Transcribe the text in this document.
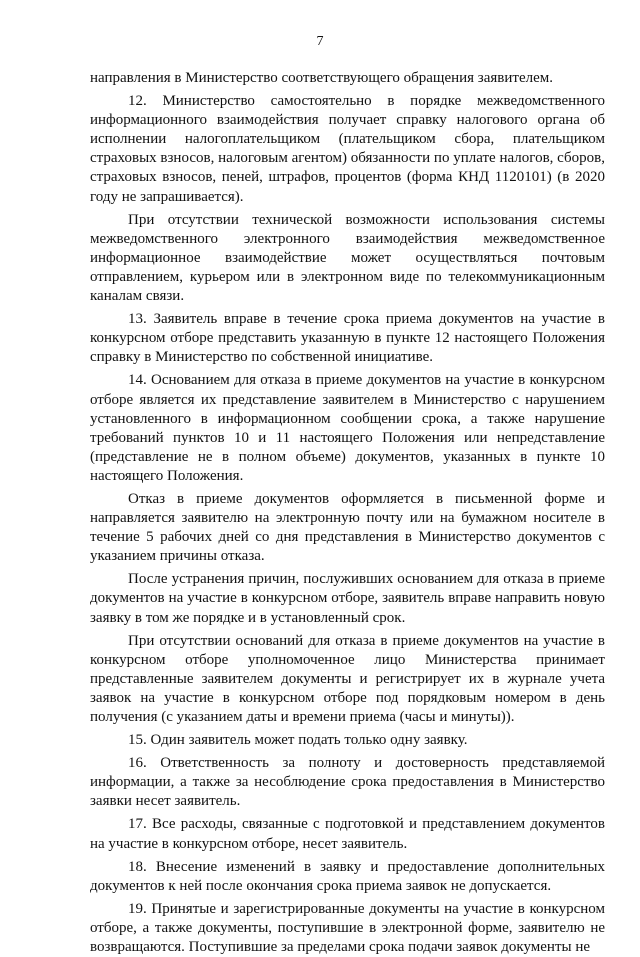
7

направления в Министерство соответствующего обращения заявителем.

12. Министерство самостоятельно в порядке межведомственного информационного взаимодействия получает справку налогового органа об исполнении налогоплательщиком (плательщиком сбора, плательщиком страховых взносов, налоговым агентом) обязанности по уплате налогов, сборов, страховых взносов, пеней, штрафов, процентов (форма КНД 1120101) (в 2020 году не запрашивается).

При отсутствии технической возможности использования системы межведомственного электронного взаимодействия межведомственное информационное взаимодействие может осуществляться почтовым отправлением, курьером или в электронном виде по телекоммуникационным каналам связи.

13. Заявитель вправе в течение срока приема документов на участие в конкурсном отборе представить указанную в пункте 12 настоящего Положения справку в Министерство по собственной инициативе.

14. Основанием для отказа в приеме документов на участие в конкурсном отборе является их представление заявителем в Министерство с нарушением установленного в информационном сообщении срока, а также нарушение требований пунктов 10 и 11 настоящего Положения или непредставление (представление не в полном объеме) документов, указанных в пункте 10 настоящего Положения.

Отказ в приеме документов оформляется в письменной форме и направляется заявителю на электронную почту или на бумажном носителе в течение 5 рабочих дней со дня представления в Министерство документов с указанием причины отказа.

После устранения причин, послуживших основанием для отказа в приеме документов на участие в конкурсном отборе, заявитель вправе направить новую заявку в том же порядке и в установленный срок.

При отсутствии оснований для отказа в приеме документов на участие в конкурсном отборе уполномоченное лицо Министерства принимает представленные заявителем документы и регистрирует их в журнале учета заявок на участие в конкурсном отборе под порядковым номером в день получения (с указанием даты и времени приема (часы и минуты)).

15. Один заявитель может подать только одну заявку.

16. Ответственность за полноту и достоверность представляемой информации, а также за несоблюдение срока предоставления в Министерство заявки несет заявитель.

17. Все расходы, связанные с подготовкой и представлением документов на участие в конкурсном отборе, несет заявитель.

18. Внесение изменений в заявку и предоставление дополнительных документов к ней после окончания срока приема заявок не допускается.

19. Принятые и зарегистрированные документы на участие в конкурсном отборе, а также документы, поступившие в электронной форме, заявителю не возвращаются. Поступившие за пределами срока подачи заявок документы не
